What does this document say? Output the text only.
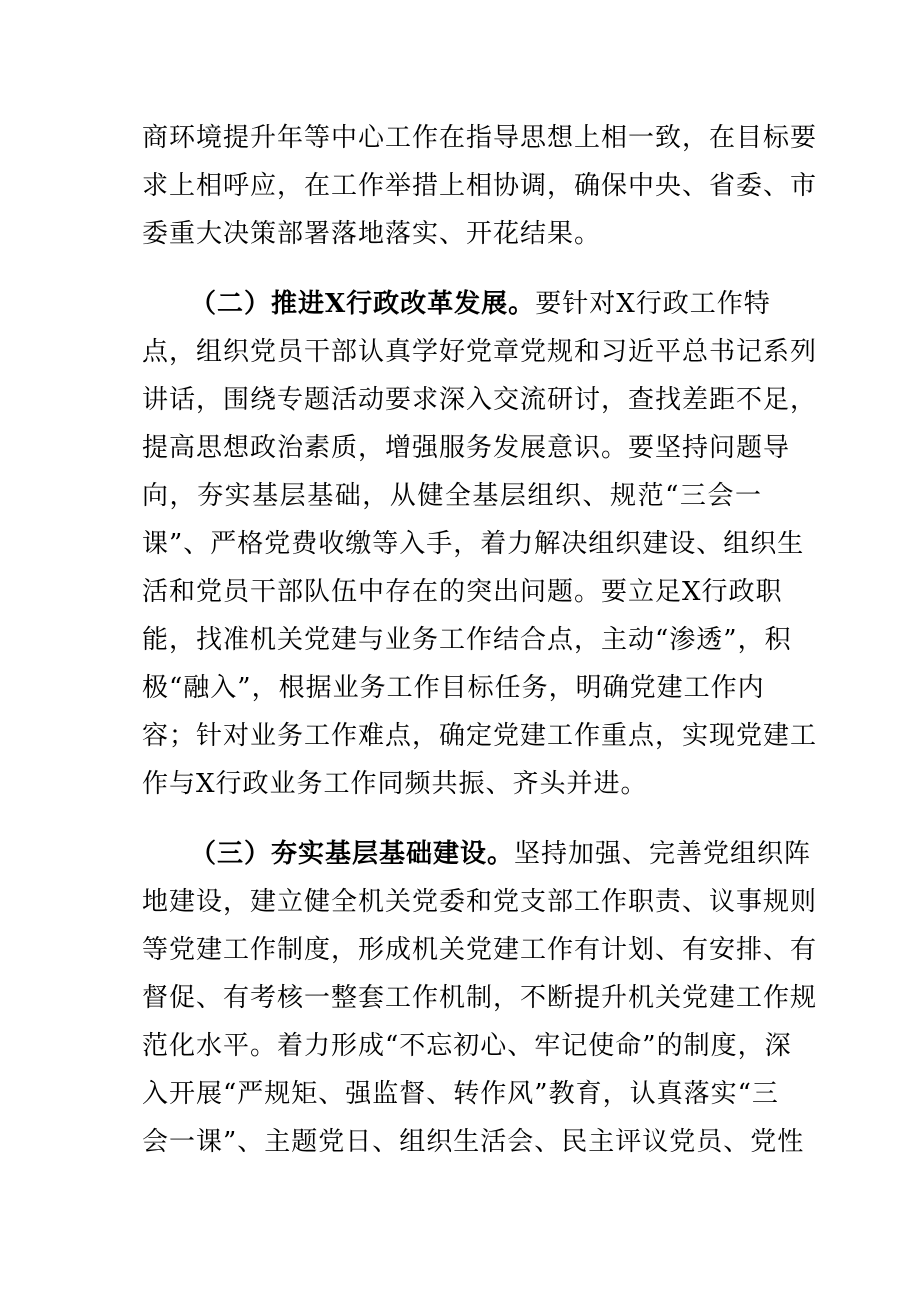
商环境提升年等中心工作在指导思想上相一致，在目标要
求上相呼应，在工作举措上相协调，确保中央、省委、市
委重大决策部署落地落实、开花结果。
（二）推进X行政改革发展。要针对X行政工作特
点，组织党员干部认真学好党章党规和习近平总书记系列
讲话，围绕专题活动要求深入交流研讨，查找差距不足，
提高思想政治素质，增强服务发展意识。要坚持问题导
向，夯实基层基础，从健全基层组织、规范“三会一
课”、严格党费收缴等入手，着力解决组织建设、组织生
活和党员干部队伍中存在的突出问题。要立足X行政职
能，找准机关党建与业务工作结合点，主动“渗透”，积
极“融入”，根据业务工作目标任务，明确党建工作内
容；针对业务工作难点，确定党建工作重点，实现党建工
作与X行政业务工作同频共振、齐头并进。
（三）夯实基层基础建设。坚持加强、完善党组织阵
地建设，建立健全机关党委和党支部工作职责、议事规则
等党建工作制度，形成机关党建工作有计划、有安排、有
督促、有考核一整套工作机制，不断提升机关党建工作规
范化水平。着力形成“不忘初心、牢记使命”的制度，深
入开展“严规矩、强监督、转作风”教育，认真落实“三
会一课”、主题党日、组织生活会、民主评议党员、党性
